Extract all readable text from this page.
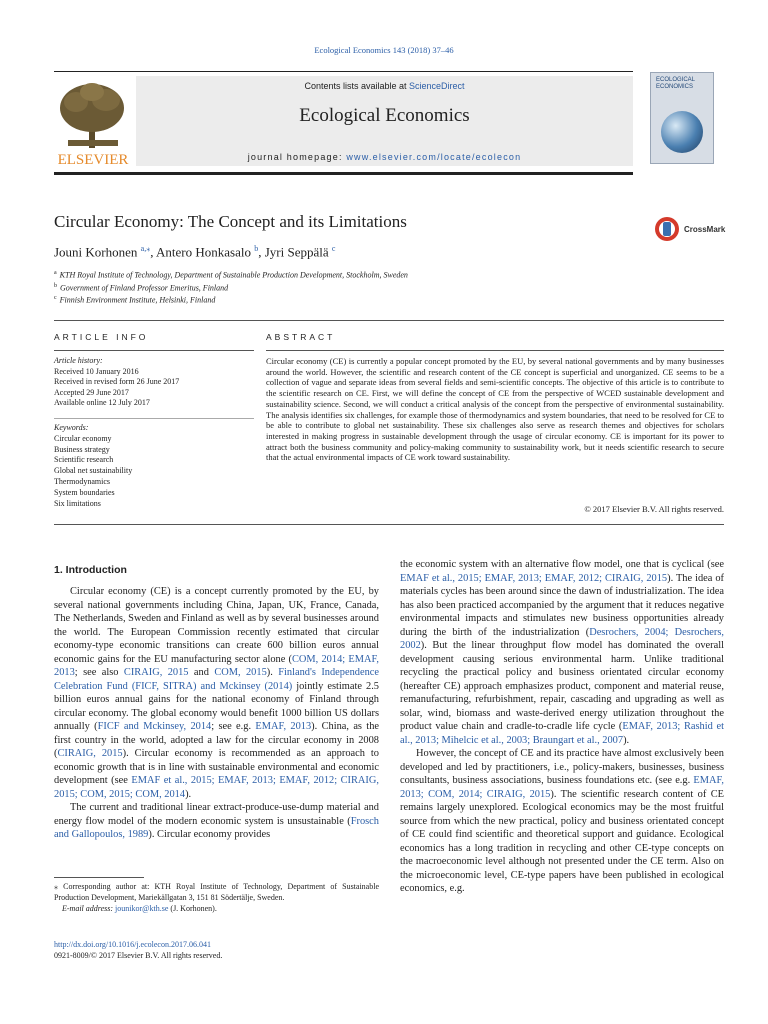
Ecological Economics 143 (2018) 37–46
ELSEVIER
Contents lists available at ScienceDirect
Ecological Economics
journal homepage: www.elsevier.com/locate/ecolecon
ECOLOGICAL ECONOMICS
Circular Economy: The Concept and its Limitations	CrossMark
Jouni Korhonen $^{a,⁎}$, Antero Honkasalo $^b$, Jyri Seppälä $^c$
$^a$ KTH Royal Institute of Technology, Department of Sustainable Production Development, Stockholm, Sweden
$^b$ Government of Finland Professor Emeritus, Finland
$^c$ Finnish Environment Institute, Helsinki, Finland
ARTICLE INFO	ABSTRACT
Article history:
Received 10 January 2016
Received in revised form 26 June 2017
Accepted 29 June 2017
Available online 12 July 2017
Keywords:
Circular economy
Business strategy
Scientific research
Global net sustainability
Thermodynamics
System boundaries
Six limitations
Circular economy (CE) is currently a popular concept promoted by the EU, by several national governments and by many businesses around the world. However, the scientific and research content of the CE concept is superficial and unorganized. CE seems to be a collection of vague and separate ideas from several fields and semi-scientific concepts. The objective of this article is to contribute to the scientific research on CE. First, we will define the concept of CE from the perspective of WCED sustainable development and sustainability science. Second, we will conduct a critical analysis of the concept from the perspective of environmental sustainability. The analysis identifies six challenges, for example those of thermodynamics and system boundaries, that need to be resolved for CE to be able to contribute to global net sustainability. These six challenges also serve as research themes and objectives for scholars interested in making progress in sustainable development through the usage of circular economy. CE is important for its power to attract both the business community and policy-making community to sustainability work, but it needs scientific research to secure that the actual environmental impacts of CE work toward sustainability.
© 2017 Elsevier B.V. All rights reserved.
1. Introduction

Circular economy (CE) is a concept currently promoted by the EU, by several national governments including China, Japan, UK, France, Canada, The Netherlands, Sweden and Finland as well as by several businesses around the world. The European Commission recently estimated that circular economy-type economic transitions can create 600 billion euros annual economic gains for the EU manufacturing sector alone (COM, 2014; EMAF, 2013; see also CIRAIG, 2015 and COM, 2015). Finland's Independence Celebration Fund (FICF, SITRA) and Mckinsey (2014) jointly estimate 2.5 billion euros annual gains for the national economy of Finland through circular economy. The global economy would benefit 1000 billion US dollars annually (FICF and Mckinsey, 2014; see e.g. EMAF, 2013). China, as the first country in the world, adopted a law for the circular economy in 2008 (CIRAIG, 2015). Circular economy is recommended as an approach to economic growth that is in line with sustainable environmental and economic development (see EMAF et al., 2015; EMAF, 2013; EMAF, 2012; CIRAIG, 2015; COM, 2015; COM, 2014).

The current and traditional linear extract-produce-use-dump material and energy flow model of the modern economic system is unsustainable (Frosch and Gallopoulos, 1989). Circular economy provides

the economic system with an alternative flow model, one that is cyclical (see EMAF et al., 2015; EMAF, 2013; EMAF, 2012; CIRAIG, 2015). The idea of materials cycles has been around since the dawn of industrialization. The idea has also been practiced accompanied by the argument that it reduces negative environmental impacts and stimulates new business opportunities already during the birth of the industrialization (Desrochers, 2004; Desrochers, 2002). But the linear throughput flow model has dominated the overall development causing serious environmental harm. Unlike traditional recycling the practical policy and business orientated circular economy (hereafter CE) approach emphasizes product, component and material reuse, remanufacturing, refurbishment, repair, cascading and upgrading as well as solar, wind, biomass and waste-derived energy utilization throughout the product value chain and cradle-to-cradle life cycle (EMAF, 2013; Rashid et al., 2013; Mihelcic et al., 2003; Braungart et al., 2007).

However, the concept of CE and its practice have almost exclusively been developed and led by practitioners, i.e., policy-makers, businesses, business consultants, business associations, business foundations etc. (see e.g. EMAF, 2013; COM, 2014; CIRAIG, 2015). The scientific research content of CE remains largely unexplored. Ecological economics may be the most fruitful source from which the new practical, policy and business orientated concept of CE could find scientific and theoretical support and guidance. Ecological economics has a long tradition in recycling and other CE-type concepts on the macroeconomic level although not presented under the CE term. Also on the microeconomic level, CE-type papers have been published in ecological economics, e.g.

⁎ Corresponding author at: KTH Royal Institute of Technology, Department of Sustainable Production Development, Mariekällgatan 3, 151 81 Södertälje, Sweden.
E-mail address: jounikor@kth.se (J. Korhonen).
http://dx.doi.org/10.1016/j.ecolecon.2017.06.041
0921-8009/© 2017 Elsevier B.V. All rights reserved.
